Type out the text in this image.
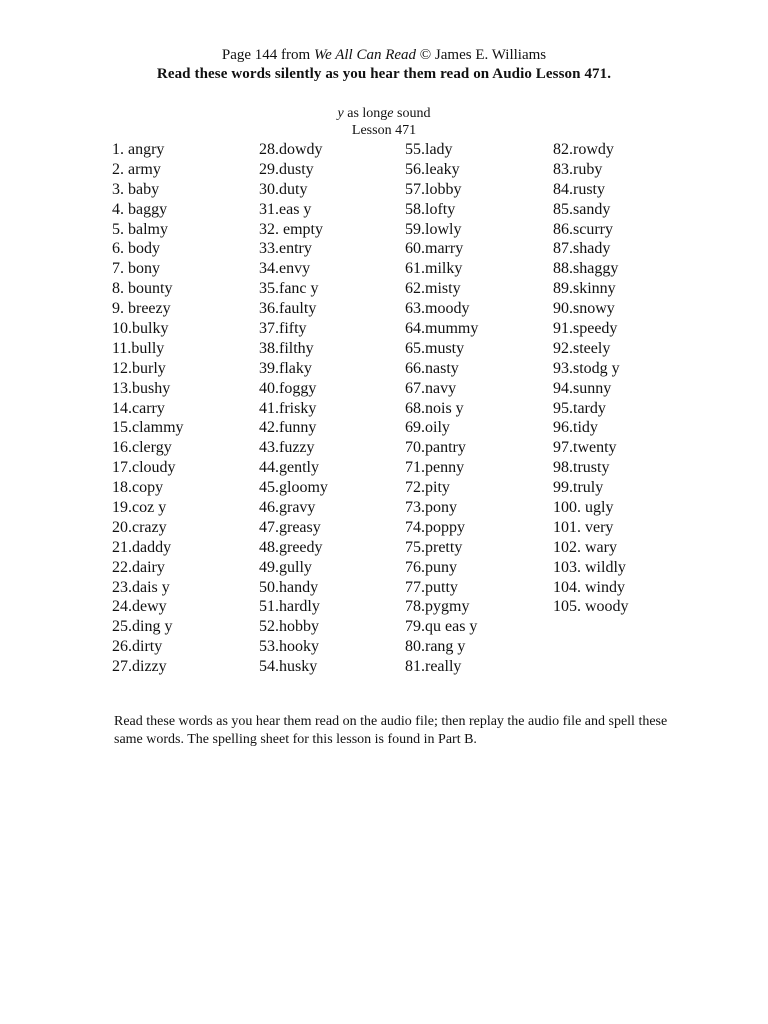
Page 144 from We All Can Read © James E. Williams
Read these words silently as you hear them read on Audio Lesson 471.
y as longe sound
Lesson 471
1. angry
2. army
3. baby
4. baggy
5. balmy
6. body
7. bony
8. bounty
9. breezy
10.bulky
11.bully
12.burly
13.bushy
14.carry
15.clammy
16.clergy
17.cloudy
18.copy
19.coz y
20.crazy
21.daddy
22.dairy
23.dais y
24.dewy
25.ding y
26.dirty
27.dizzy
28.dowdy
29.dusty
30.duty
31.eas y
32. empty
33.entry
34.envy
35.fanc y
36.faulty
37.fifty
38.filthy
39.flaky
40.foggy
41.frisky
42.funny
43.fuzzy
44.gently
45.gloomy
46.gravy
47.greasy
48.greedy
49.gully
50.handy
51.hardly
52.hobby
53.hooky
54.husky
55.lady
56.leaky
57.lobby
58.lofty
59.lowly
60.marry
61.milky
62.misty
63.moody
64.mummy
65.musty
66.nasty
67.navy
68.nois y
69.oily
70.pantry
71.penny
72.pity
73.pony
74.poppy
75.pretty
76.puny
77.putty
78.pygmy
79.qu eas y
80.rang y
81.really
82.rowdy
83.ruby
84.rusty
85.sandy
86.scurry
87.shady
88.shaggy
89.skinny
90.snowy
91.speedy
92.steely
93.stodg y
94.sunny
95.tardy
96.tidy
97.twenty
98.trusty
99.truly
100. ugly
101. very
102. wary
103. wildly
104. windy
105. woody
Read these words as you hear them read on the audio file; then replay the audio file and spell these same words. The spelling sheet for this lesson is found in Part B.
